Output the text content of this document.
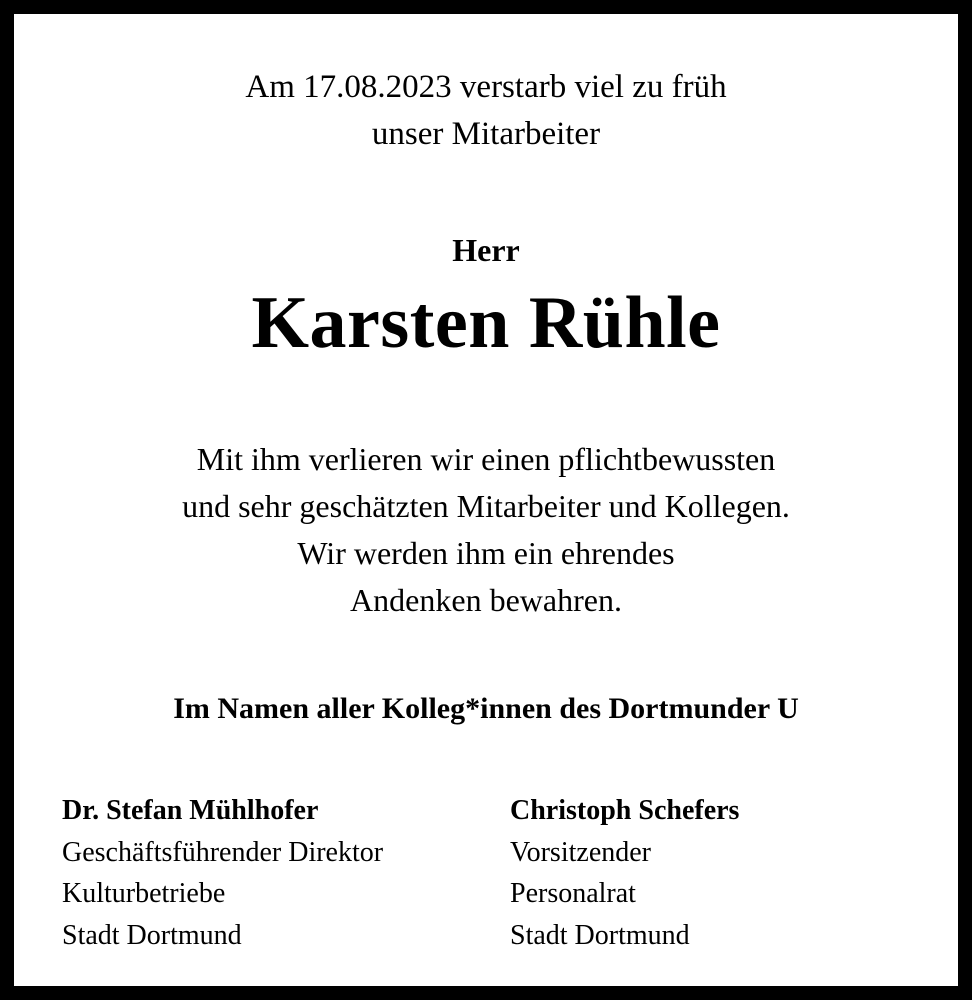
Am 17.08.2023 verstarb viel zu früh
unser Mitarbeiter
Herr
Karsten Rühle
Mit ihm verlieren wir einen pflichtbewussten
und sehr geschätzten Mitarbeiter und Kollegen.
Wir werden ihm ein ehrendes
Andenken bewahren.
Im Namen aller Kolleg*innen des Dortmunder U
Dr. Stefan Mühlhofer
Geschäftsführender Direktor
Kulturbetriebe
Stadt Dortmund
Christoph Schefers
Vorsitzender
Personalrat
Stadt Dortmund
